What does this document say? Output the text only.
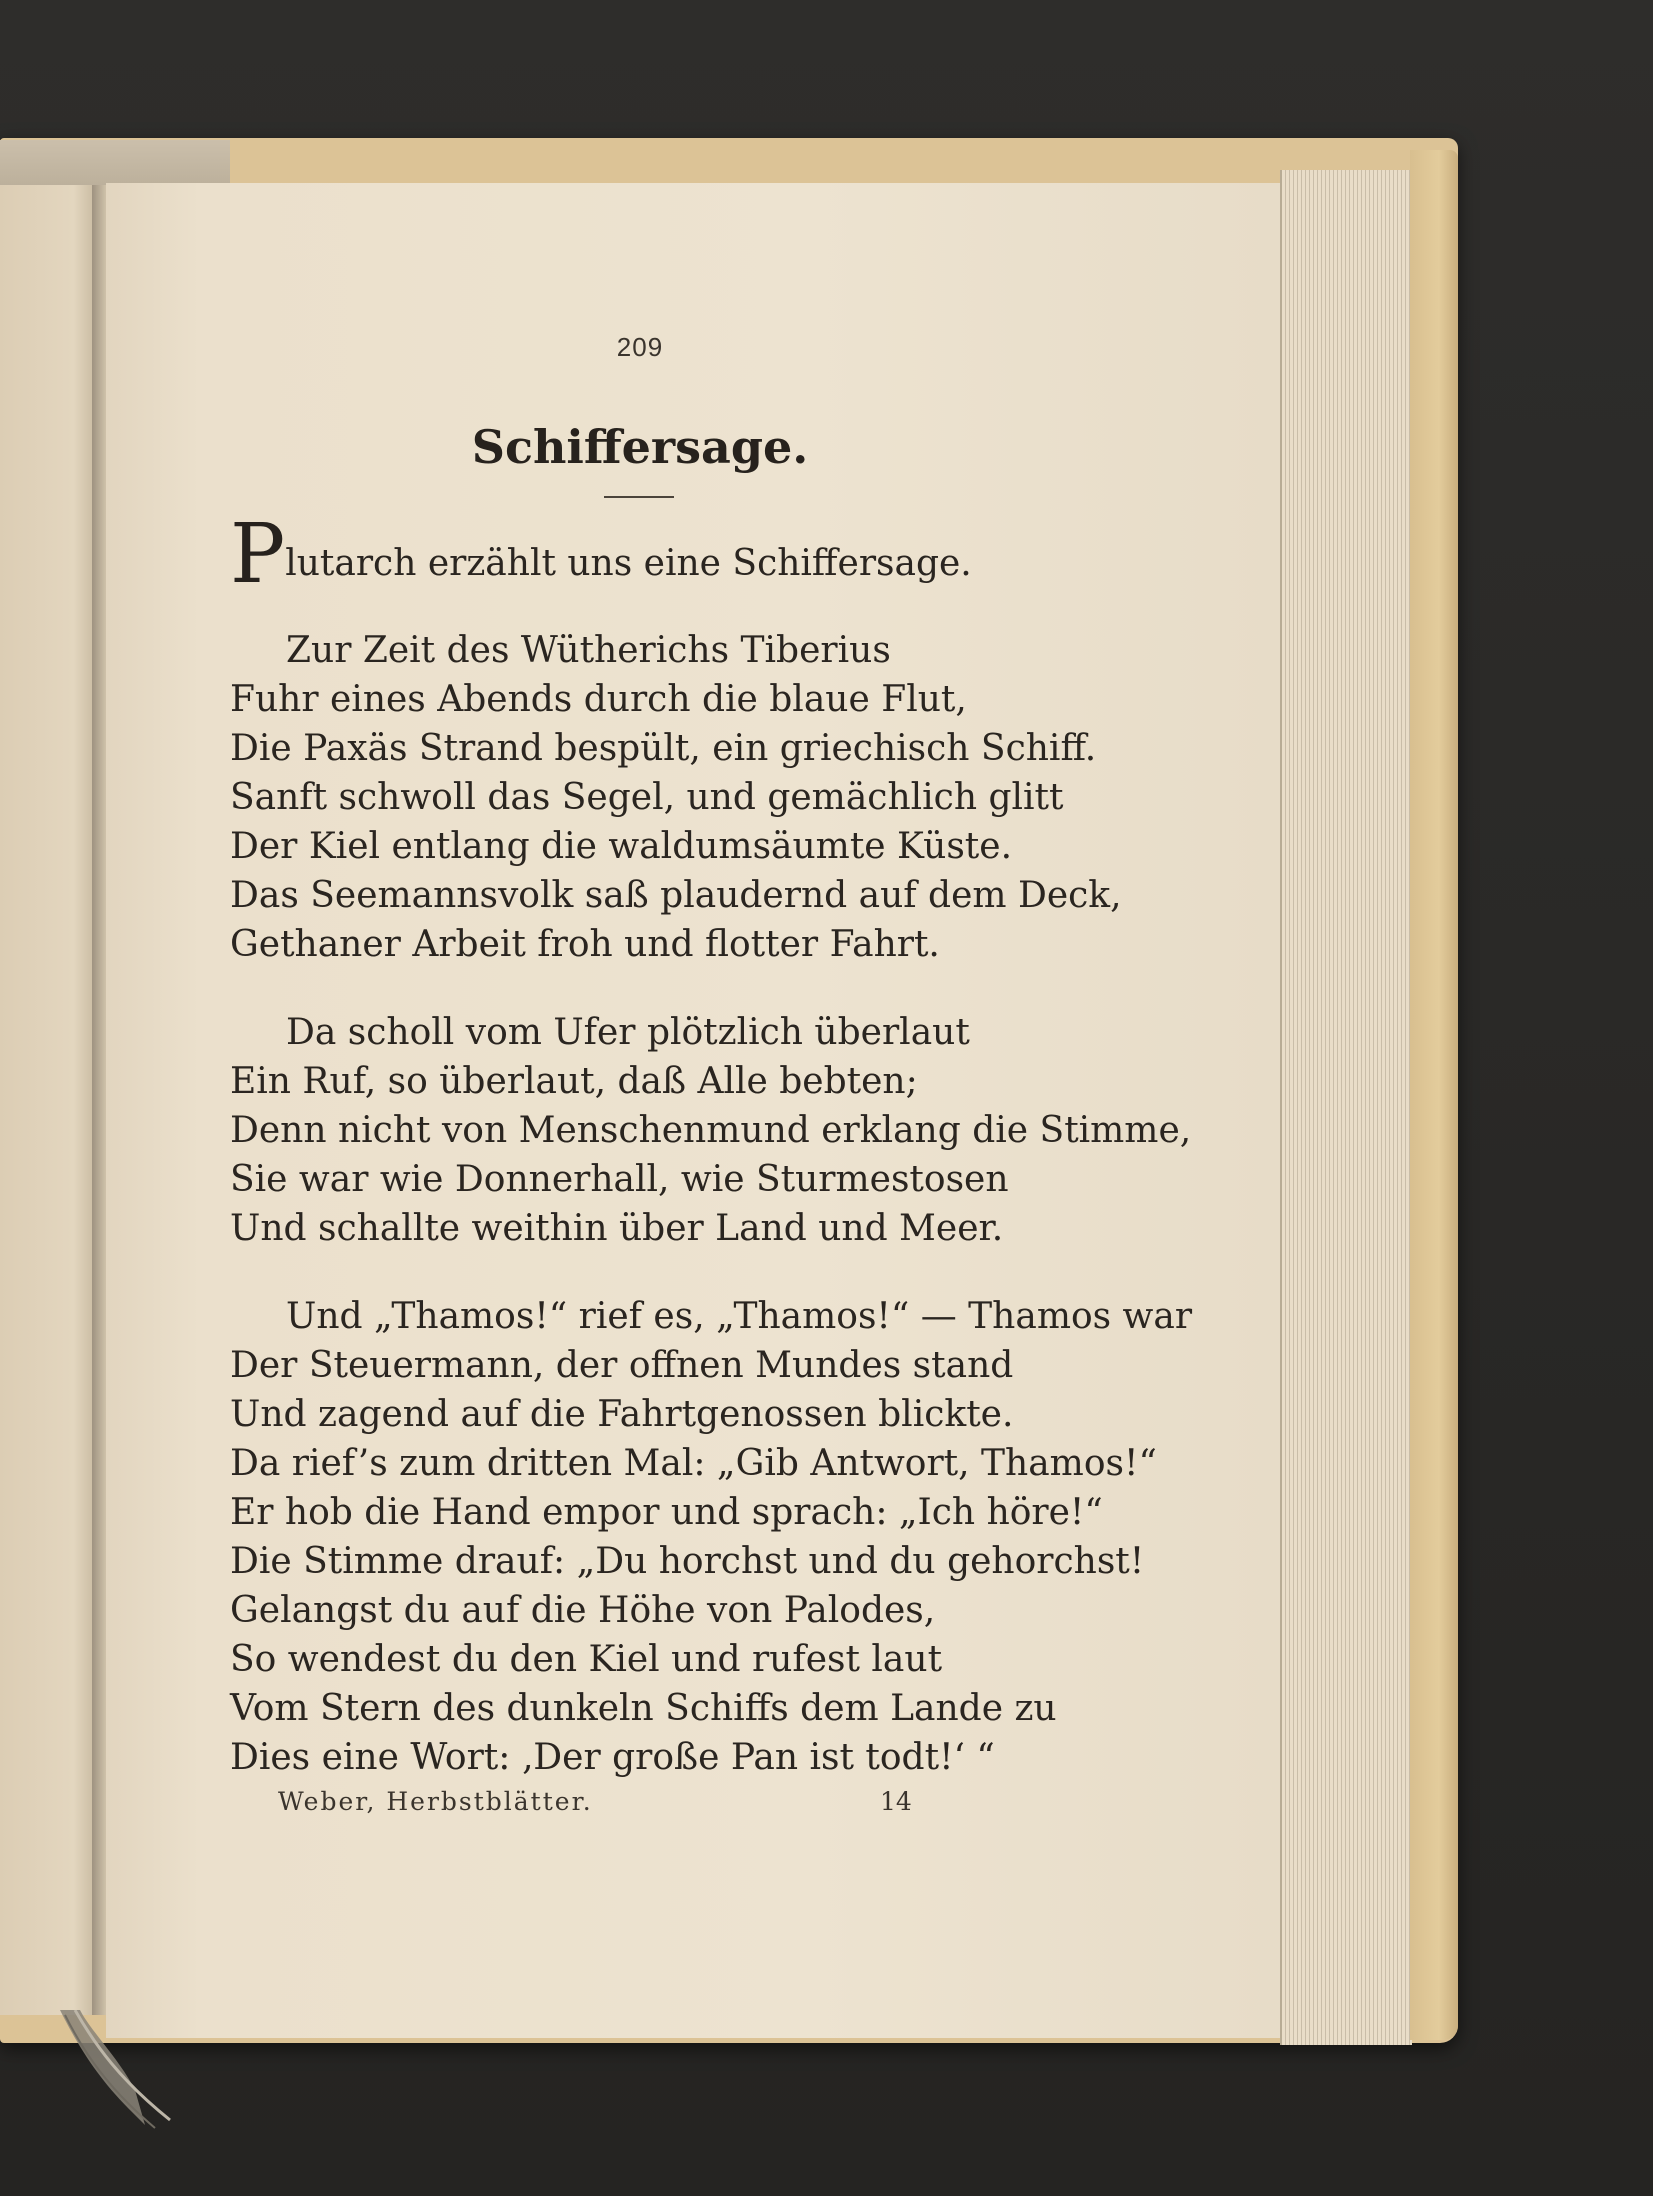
209
Schiffersage.
Plutarch erzählt uns eine Schiffersage.
Zur Zeit des Wütherichs Tiberius
Fuhr eines Abends durch die blaue Flut,
Die Paxäs Strand bespült, ein griechisch Schiff.
Sanft schwoll das Segel, und gemächlich glitt
Der Kiel entlang die waldumsäumte Küste.
Das Seemannsvolk saß plaudernd auf dem Deck,
Gethaner Arbeit froh und flotter Fahrt.
Da scholl vom Ufer plötzlich überlaut
Ein Ruf, so überlaut, daß Alle bebten;
Denn nicht von Menschenmund erklang die Stimme,
Sie war wie Donnerhall, wie Sturmestosen
Und schallte weithin über Land und Meer.
Und „Thamos!“ rief es, „Thamos!“ — Thamos war
Der Steuermann, der offnen Mundes stand
Und zagend auf die Fahrtgenossen blickte.
Da rief’s zum dritten Mal: „Gib Antwort, Thamos!“
Er hob die Hand empor und sprach: „Ich höre!“
Die Stimme drauf: „Du horchst und du gehorchst!
Gelangst du auf die Höhe von Palodes,
So wendest du den Kiel und rufest laut
Vom Stern des dunkeln Schiffs dem Lande zu
Dies eine Wort: ‚Der große Pan ist todt!‘ “
Weber, Herbstblätter.	14
